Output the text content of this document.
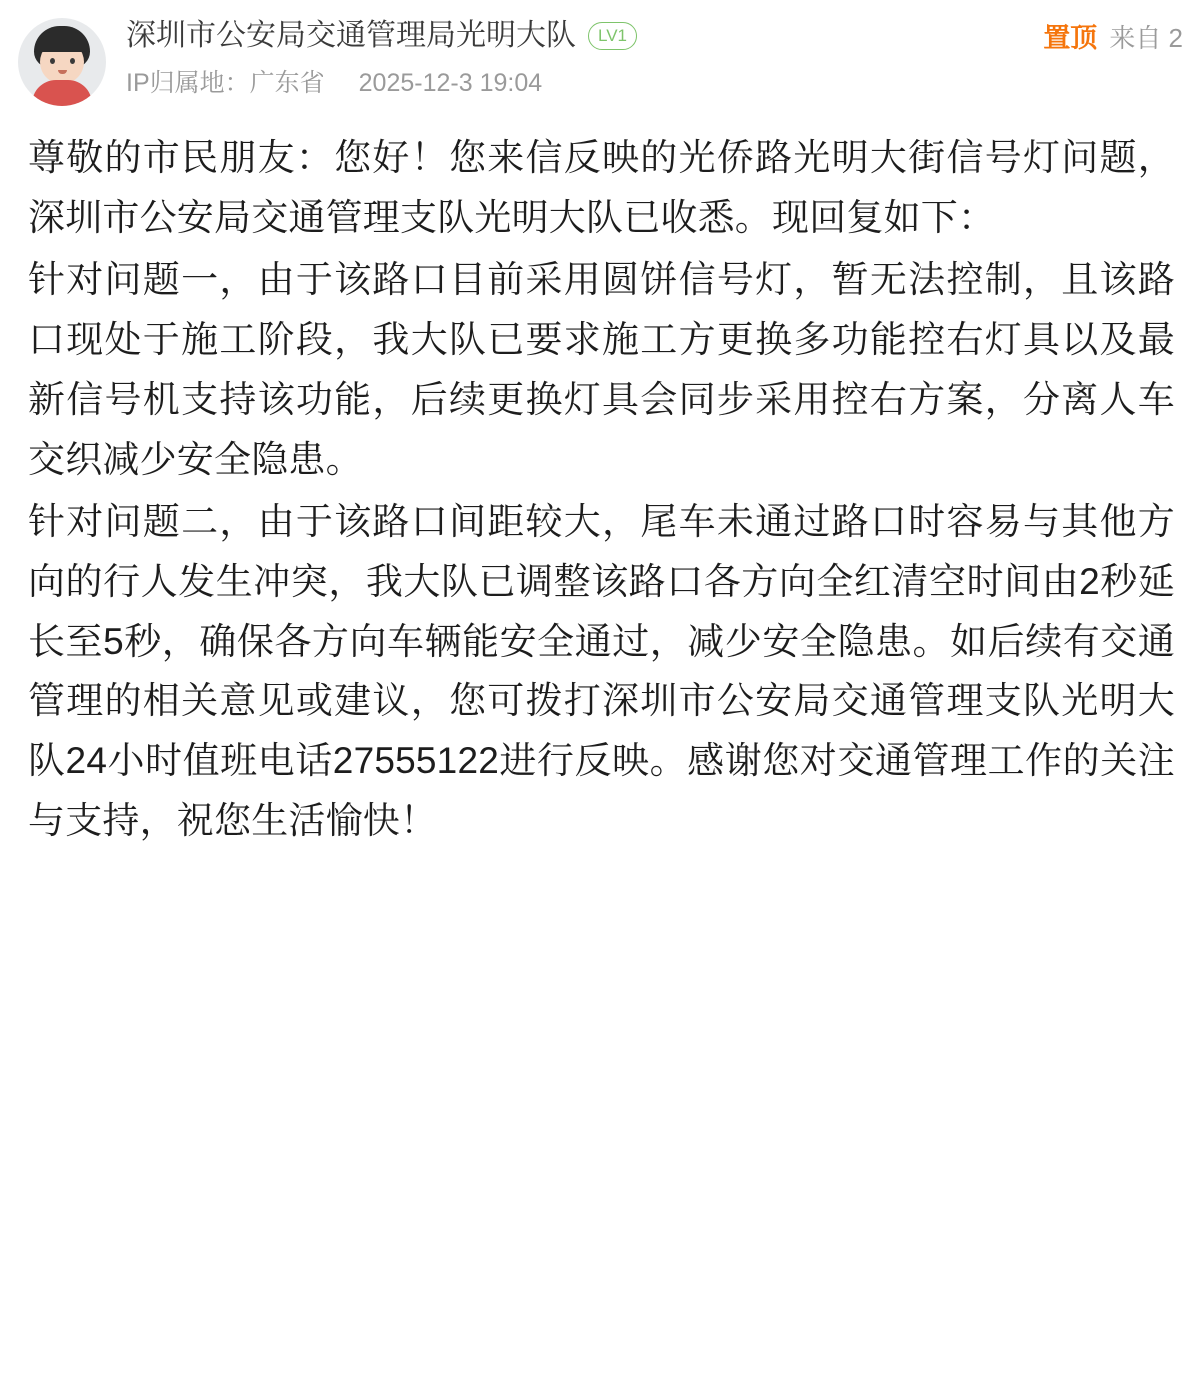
深圳市公安局交通管理局光明大队	LV1
IP归属地：广东省 2025-12-3 19:04
置顶 来自 2

尊敬的市民朋友：您好！您来信反映的光侨路光明大街信号灯问题，深圳市公安局交通管理支队光明大队已收悉。现回复如下：

针对问题一，由于该路口目前采用圆饼信号灯，暂无法控制，且该路口现处于施工阶段，我大队已要求施工方更换多功能控右灯具以及最新信号机支持该功能，后续更换灯具会同步采用控右方案，分离人车交织减少安全隐患。

针对问题二，由于该路口间距较大，尾车未通过路口时容易与其他方向的行人发生冲突，我大队已调整该路口各方向全红清空时间由2秒延长至5秒，确保各方向车辆能安全通过，减少安全隐患。如后续有交通管理的相关意见或建议，您可拨打深圳市公安局交通管理支队光明大队24小时值班电话27555122进行反映。感谢您对交通管理工作的关注与支持，祝您生活愉快！
